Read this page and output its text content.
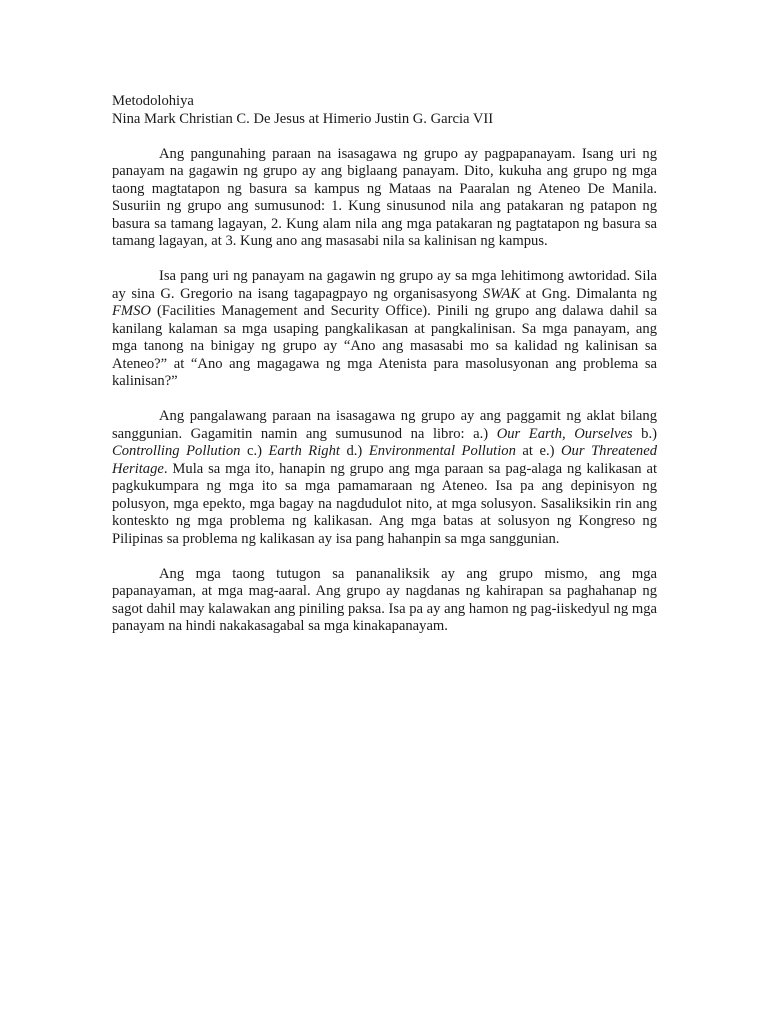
Metodolohiya

Nina Mark Christian C. De Jesus at Himerio Justin G. Garcia VII

Ang pangunahing paraan na isasagawa ng grupo ay pagpapanayam. Isang uri ng panayam na gagawin ng grupo ay ang biglaang panayam. Dito, kukuha ang grupo ng mga taong magtatapon ng basura sa kampus ng Mataas na Paaralan ng Ateneo De Manila. Susuriin ng grupo ang sumusunod: 1. Kung sinusunod nila ang patakaran ng patapon ng basura sa tamang lagayan, 2. Kung alam nila ang mga patakaran ng pagtatapon ng basura sa tamang lagayan, at 3. Kung ano ang masasabi nila sa kalinisan ng kampus.

Isa pang uri ng panayam na gagawin ng grupo ay sa mga lehitimong awtoridad. Sila ay sina G. Gregorio na isang tagapagpayo ng organisasyong SWAK at Gng. Dimalanta ng FMSO (Facilities Management and Security Office). Pinili ng grupo ang dalawa dahil sa kanilang kalaman sa mga usaping pangkalikasan at pangkalinisan. Sa mga panayam, ang mga tanong na binigay ng grupo ay “Ano ang masasabi mo sa kalidad ng kalinisan sa Ateneo?” at “Ano ang magagawa ng mga Atenista para masolusyonan ang problema sa kalinisan?”

Ang pangalawang paraan na isasagawa ng grupo ay ang paggamit ng aklat bilang sanggunian. Gagamitin namin ang sumusunod na libro: a.) Our Earth, Ourselves b.) Controlling Pollution c.) Earth Right d.) Environmental Pollution at e.) Our Threatened Heritage. Mula sa mga ito, hanapin ng grupo ang mga paraan sa pag-alaga ng kalikasan at pagkukumpara ng mga ito sa mga pamamaraan ng Ateneo. Isa pa ang depinisyon ng polusyon, mga epekto, mga bagay na nagdudulot nito, at mga solusyon. Sasaliksikin rin ang konteskto ng mga problema ng kalikasan. Ang mga batas at solusyon ng Kongreso ng Pilipinas sa problema ng kalikasan ay isa pang hahanpin sa mga sanggunian.

Ang mga taong tutugon sa pananaliksik ay ang grupo mismo, ang mga papanayaman, at mga mag-aaral. Ang grupo ay nagdanas ng kahirapan sa paghahanap ng sagot dahil may kalawakan ang piniling paksa. Isa pa ay ang hamon ng pag-iiskedyul ng mga panayam na hindi nakakasagabal sa mga kinakapanayam.
